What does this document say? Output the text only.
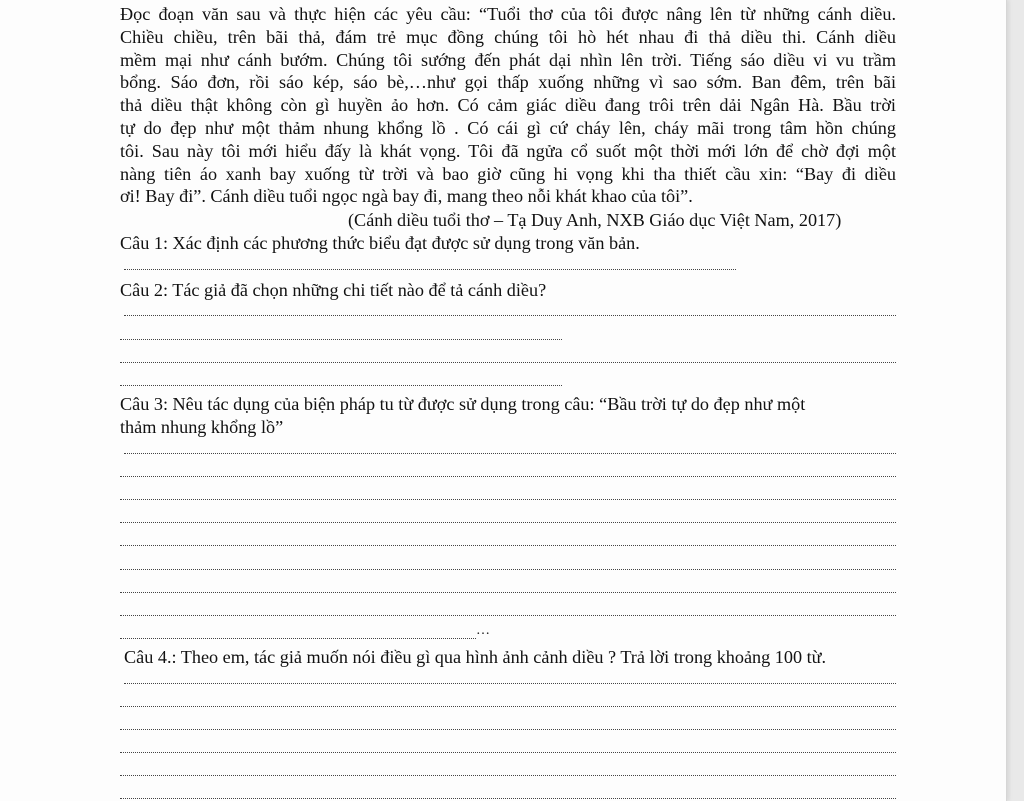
Đọc đoạn văn sau và thực hiện các yêu cầu: “Tuổi thơ của tôi được nâng lên từ những cánh diều.
Chiều chiều, trên bãi thả, đám trẻ mục đồng chúng tôi hò hét nhau đi thả diều thi. Cánh diều
mềm mại như cánh bướm. Chúng tôi sướng đến phát dại nhìn lên trời. Tiếng sáo diều vi vu trầm
bổng. Sáo đơn, rồi sáo kép, sáo bè,…như gọi thấp xuống những vì sao sớm. Ban đêm, trên bãi
thả diều thật không còn gì huyền ảo hơn. Có cảm giác diều đang trôi trên dải Ngân Hà. Bầu trời
tự do đẹp như một thảm nhung khổng lồ . Có cái gì cứ cháy lên, cháy mãi trong tâm hồn chúng
tôi. Sau này tôi mới hiểu đấy là khát vọng. Tôi đã ngửa cổ suốt một thời mới lớn để chờ đợi một
nàng tiên áo xanh bay xuống từ trời và bao giờ cũng hi vọng khi tha thiết cầu xin: “Bay đi diều
ơi! Bay đi”. Cánh diều tuổi ngọc ngà bay đi, mang theo nỗi khát khao của tôi”.
(Cánh diều tuổi thơ – Tạ Duy Anh, NXB Giáo dục Việt Nam, 2017)
Câu 1: Xác định các phương thức biểu đạt được sử dụng trong văn bản.
Câu 2: Tác giả đã chọn những chi tiết nào để tả cánh diều?
Câu 3: Nêu tác dụng của biện pháp tu từ được sử dụng trong câu: “Bầu trời tự do đẹp như một
thảm nhung khổng lồ”
…
Câu 4.: Theo em, tác giả muốn nói điều gì qua hình ảnh cảnh diều ? Trả lời trong khoảng 100 từ.
